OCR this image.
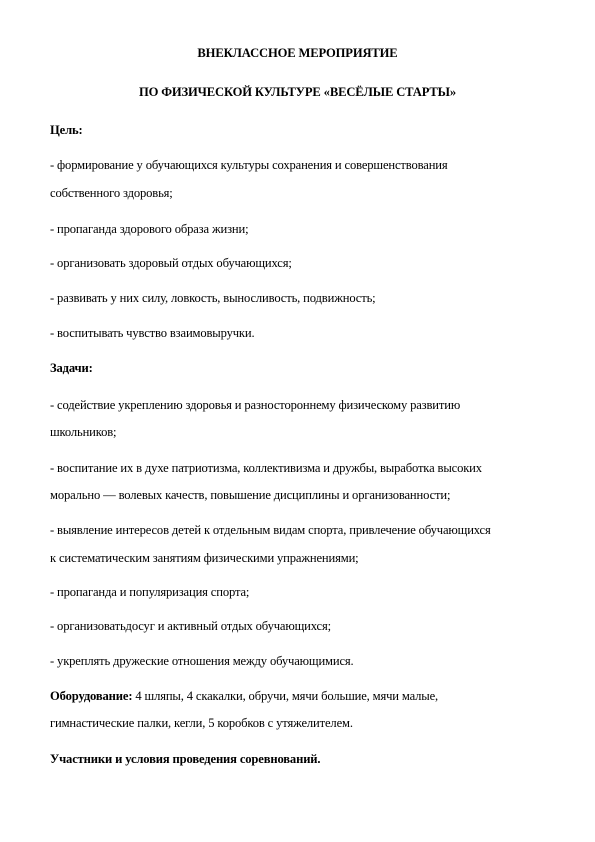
ВНЕКЛАССНОЕ МЕРОПРИЯТИЕ
ПО ФИЗИЧЕСКОЙ КУЛЬТУРЕ «ВЕСЁЛЫЕ СТАРТЫ»
Цель:
- формирование у обучающихся культуры сохранения и совершенствования
собственного здоровья;
- пропаганда здорового образа жизни;
- организовать здоровый отдых обучающихся;
- развивать у них силу, ловкость, выносливость, подвижность;
- воспитывать чувство взаимовыручки.
Задачи:
- содействие укреплению здоровья и разностороннему физическому развитию
школьников;
- воспитание их в духе патриотизма, коллективизма и дружбы, выработка высоких
морально — волевых качеств, повышение дисциплины и организованности;
- выявление интересов детей к отдельным видам спорта, привлечение обучающихся
к систематическим занятиям физическими упражнениями;
- пропаганда и популяризация спорта;
- организоватьдосуг и активный отдых обучающихся;
- укреплять дружеские отношения между обучающимися.
Оборудование: 4 шляпы, 4 скакалки, обручи, мячи большие, мячи малые,
гимнастические палки, кегли, 5 коробков с утяжелителем.
Участники и условия проведения соревнований.
